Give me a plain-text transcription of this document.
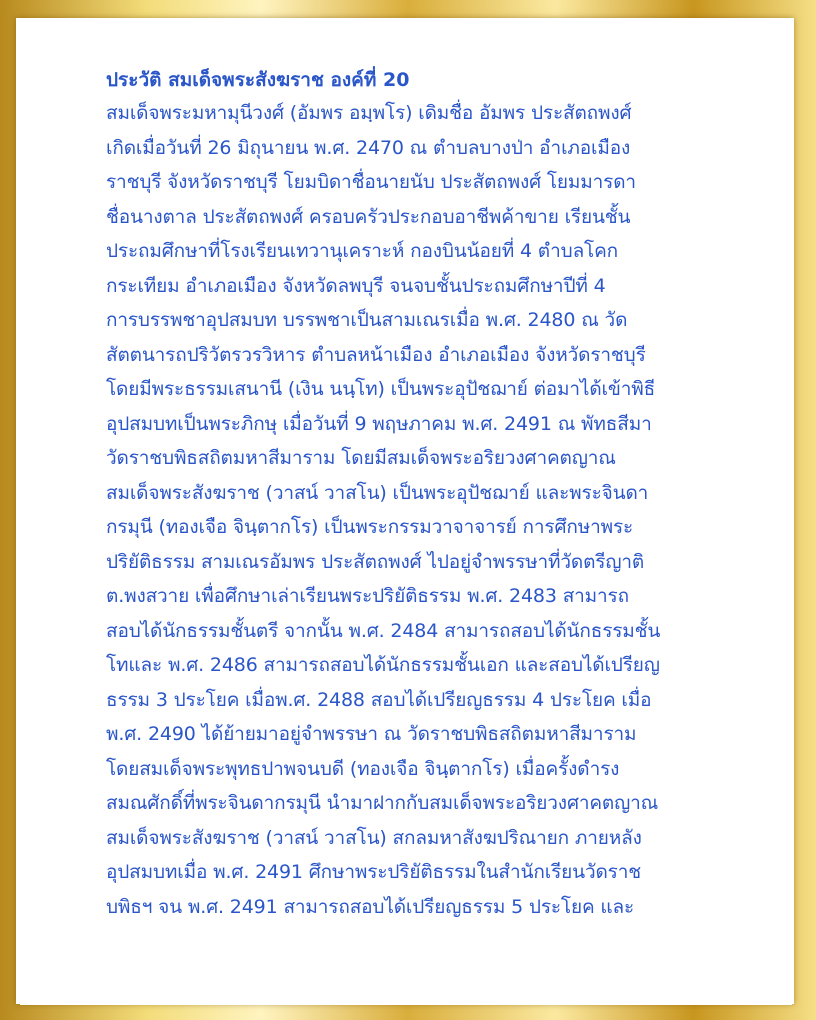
ประวัติ สมเด็จพระสังฆราช องค์ที่ 20
สมเด็จพระมหามุนีวงศ์ (อัมพร อมฺพโร) เดิมชื่อ อัมพร ประสัตถพงศ์
เกิดเมื่อวันที่ 26 มิถุนายน พ.ศ. 2470 ณ ตำบลบางป่า อำเภอเมือง
ราชบุรี จังหวัดราชบุรี โยมบิดาชื่อนายนับ ประสัตถพงศ์ โยมมารดา
ชื่อนางตาล ประสัตถพงศ์ ครอบครัวประกอบอาชีพค้าขาย เรียนชั้น
ประถมศึกษาที่โรงเรียนเทวานุเคราะห์ กองบินน้อยที่ 4 ตำบลโคก
กระเทียม อำเภอเมือง จังหวัดลพบุรี จนจบชั้นประถมศึกษาปีที่ 4
การบรรพชาอุปสมบท บรรพชาเป็นสามเณรเมื่อ พ.ศ. 2480 ณ วัด
สัตตนารถปริวัตรวรวิหาร ตำบลหน้าเมือง อำเภอเมือง จังหวัดราชบุรี
โดยมีพระธรรมเสนานี (เงิน นนฺโท) เป็นพระอุปัชฌาย์ ต่อมาได้เข้าพิธี
อุปสมบทเป็นพระภิกษุ เมื่อวันที่ 9 พฤษภาคม พ.ศ. 2491 ณ พัทธสีมา
วัดราชบพิธสถิตมหาสีมาราม โดยมีสมเด็จพระอริยวงศาคตญาณ
สมเด็จพระสังฆราช (วาสน์ วาสโน) เป็นพระอุปัชฌาย์ และพระจินดา
กรมุนี (ทองเจือ จินฺตากโร) เป็นพระกรรมวาจาจารย์ การศึกษาพระ
ปริยัติธรรม สามเณรอัมพร ประสัตถพงศ์ ไปอยู่จำพรรษาที่วัดตรีญาติ
ต.พงสวาย เพื่อศึกษาเล่าเรียนพระปริยัติธรรม พ.ศ. 2483 สามารถ
สอบได้นักธรรมชั้นตรี จากนั้น พ.ศ. 2484 สามารถสอบได้นักธรรมชั้น
โทและ พ.ศ. 2486 สามารถสอบได้นักธรรมชั้นเอก และสอบได้เปรียญ
ธรรม 3 ประโยค เมื่อพ.ศ. 2488 สอบได้เปรียญธรรม 4 ประโยค เมื่อ
พ.ศ. 2490 ได้ย้ายมาอยู่จำพรรษา ณ วัดราชบพิธสถิตมหาสีมาราม
โดยสมเด็จพระพุทธปาพจนบดี (ทองเจือ จินฺตากโร) เมื่อครั้งดำรง
สมณศักดิ์ที่พระจินดากรมุนี นำมาฝากกับสมเด็จพระอริยวงศาคตญาณ
สมเด็จพระสังฆราช (วาสน์ วาสโน) สกลมหาสังฆปริณายก ภายหลัง
อุปสมบทเมื่อ พ.ศ. 2491 ศึกษาพระปริยัติธรรมในสำนักเรียนวัดราช
บพิธฯ จน พ.ศ. 2491 สามารถสอบได้เปรียญธรรม 5 ประโยค และ
